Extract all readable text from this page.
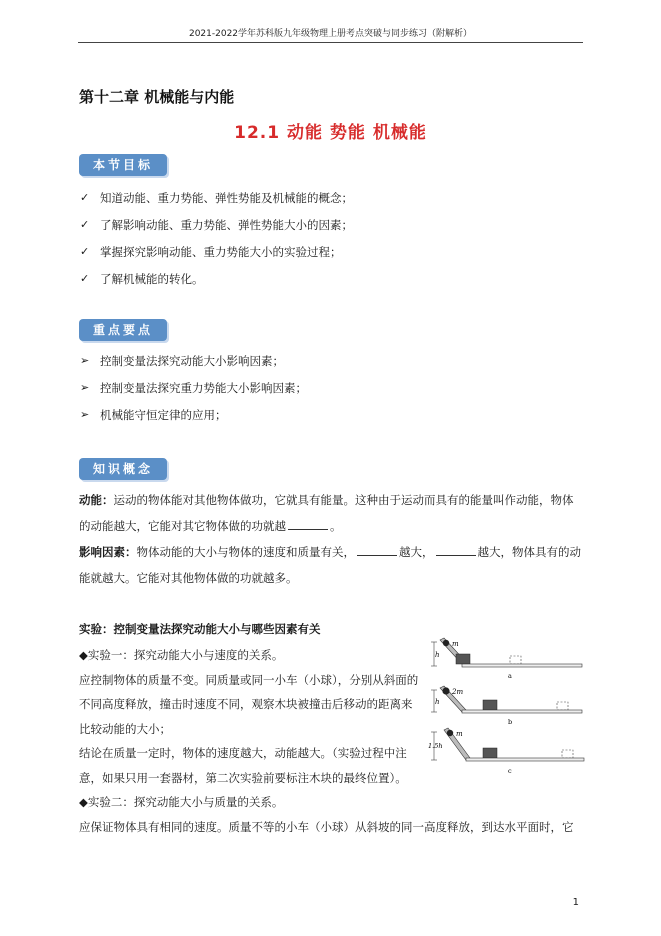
2021-2022学年苏科版九年级物理上册考点突破与同步练习（附解析）
第十二章 机械能与内能
12.1 动能 势能 机械能
本节目标
✓ 知道动能、重力势能、弹性势能及机械能的概念；
✓ 了解影响动能、重力势能、弹性势能大小的因素；
✓ 掌握探究影响动能、重力势能大小的实验过程；
✓ 了解机械能的转化。
重点要点
➢ 控制变量法探究动能大小影响因素；
➢ 控制变量法探究重力势能大小影响因素；
➢ 机械能守恒定律的应用；
知识概念
动能：运动的物体能对其他物体做功，它就具有能量。这种由于运动而具有的能量叫作动能，物体
的动能越大，它能对其它物体做的功就越	。
影响因素：物体动能的大小与物体的速度和质量有关，	越大，	越大，物体具有的动
能就越大。它能对其他物体做的功就越多。
实验：控制变量法探究动能大小与哪些因素有关
◆实验一：探究动能大小与速度的关系。
应控制物体的质量不变。同质量或同一小车（小球），分别从斜面的
不同高度释放，撞击时速度不同，观察木块被撞击后移动的距离来
比较动能的大小；
结论在质量一定时，物体的速度越大，动能越大。（实验过程中注
意，如果只用一套器材，第二次实验前要标注木块的最终位置）。
◆实验二：探究动能大小与质量的关系。
应保证物体具有相同的速度。质量不等的小车（小球）从斜坡的同一高度释放，到达水平面时，它
h
m
a
h
2m
b
1.5h
m
c
1
